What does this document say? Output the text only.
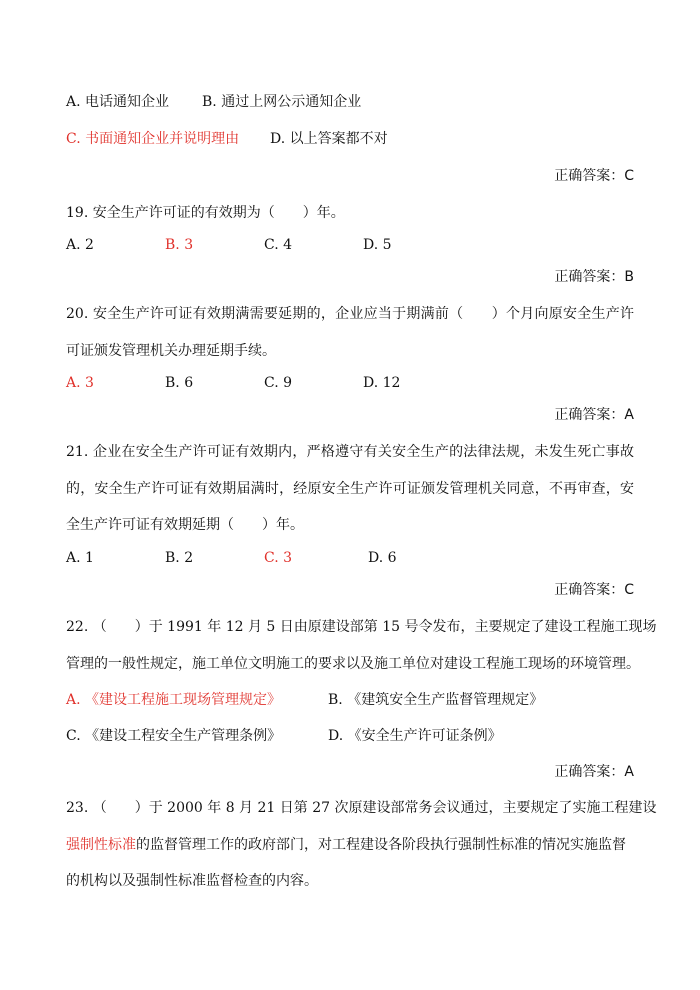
A. 电话通知企业 B. 通过上网公示通知企业
C. 书面通知企业并说明理由 D. 以上答案都不对
正确答案：C
19. 安全生产许可证的有效期为（　　）年。
A. 2	B. 3	C. 4	D. 5
正确答案：B
20. 安全生产许可证有效期满需要延期的，企业应当于期满前（　　）个月向原安全生产许
可证颁发管理机关办理延期手续。
A. 3	B. 6	C. 9	D. 12
正确答案：A
21. 企业在安全生产许可证有效期内，严格遵守有关安全生产的法律法规，未发生死亡事故
的，安全生产许可证有效期届满时，经原安全生产许可证颁发管理机关同意，不再审查，安
全生产许可证有效期延期（　　）年。
A. 1	B. 2	C. 3	D. 6
正确答案：C
22. （　　）于 1991 年 12 月 5 日由原建设部第 15 号令发布，主要规定了建设工程施工现场
管理的一般性规定，施工单位文明施工的要求以及施工单位对建设工程施工现场的环境管理。
A. 《建设工程施工现场管理规定》	B. 《建筑安全生产监督管理规定》
C. 《建设工程安全生产管理条例》	D. 《安全生产许可证条例》
正确答案：A
23. （　　）于 2000 年 8 月 21 日第 27 次原建设部常务会议通过，主要规定了实施工程建设
强制性标准的监督管理工作的政府部门，对工程建设各阶段执行强制性标准的情况实施监督
的机构以及强制性标准监督检查的内容。
